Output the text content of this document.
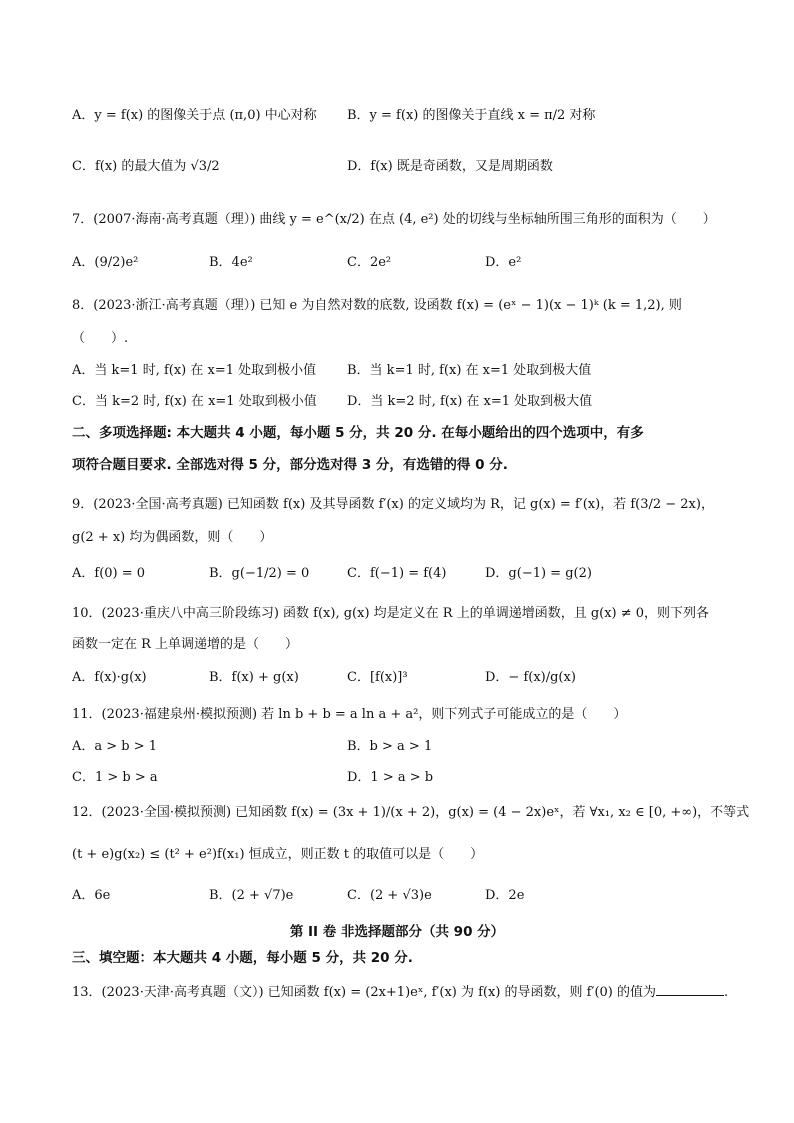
A．y = f(x) 的图像关于点 (π,0) 中心对称 B．y = f(x) 的图像关于直线 x = π/2 对称
C．f(x) 的最大值为 √3/2	D．f(x) 既是奇函数，又是周期函数
7．(2007·海南·高考真题（理）) 曲线 y = e^(x/2) 在点 (4, e²) 处的切线与坐标轴所围三角形的面积为（　　）
A．(9/2)e²	B．4e²	C．2e²	D．e²
8．(2023·浙江·高考真题（理）) 已知 e 为自然对数的底数, 设函数 f(x) = (eˣ − 1)(x − 1)ᵏ (k = 1,2), 则
（　　）.
A．当 k=1 时, f(x) 在 x=1 处取到极小值 B．当 k=1 时, f(x) 在 x=1 处取到极大值
C．当 k=2 时, f(x) 在 x=1 处取到极小值 D．当 k=2 时, f(x) 在 x=1 处取到极大值
二、多项选择题: 本大题共 4 小题，每小题 5 分，共 20 分. 在每小题给出的四个选项中，有多
项符合题目要求. 全部选对得 5 分，部分选对得 3 分，有选错的得 0 分.
9．(2023·全国·高考真题) 已知函数 f(x) 及其导函数 f′(x) 的定义域均为 R，记 g(x) = f′(x)，若 f(3/2 − 2x)，
g(2 + x) 均为偶函数，则（　　）
A．f(0) = 0	B．g(−1/2) = 0	C．f(−1) = f(4)	D．g(−1) = g(2)
10．(2023·重庆八中高三阶段练习) 函数 f(x), g(x) 均是定义在 R 上的单调递增函数，且 g(x) ≠ 0，则下列各
函数一定在 R 上单调递增的是（　　）
A．f(x)·g(x)	B．f(x) + g(x)	C．[f(x)]³	D．− f(x)/g(x)
11．(2023·福建泉州·模拟预测) 若 ln b + b = a ln a + a²，则下列式子可能成立的是（　　）
A．a > b > 1	B．b > a > 1
C．1 > b > a	D．1 > a > b
12．(2023·全国·模拟预测) 已知函数 f(x) = (3x + 1)/(x + 2)，g(x) = (4 − 2x)eˣ，若 ∀x₁, x₂ ∈ [0, +∞)，不等式
(t + e)g(x₂) ≤ (t² + e²)f(x₁) 恒成立，则正数 t 的取值可以是（　　）
A．6e	B．(2 + √7)e	C．(2 + √3)e	D．2e
第 II 卷 非选择题部分（共 90 分）
三、填空题：本大题共 4 小题，每小题 5 分，共 20 分.
13．(2023·天津·高考真题（文）) 已知函数 f(x) = (2x+1)eˣ, f′(x) 为 f(x) 的导函数，则 f′(0) 的值为	.
